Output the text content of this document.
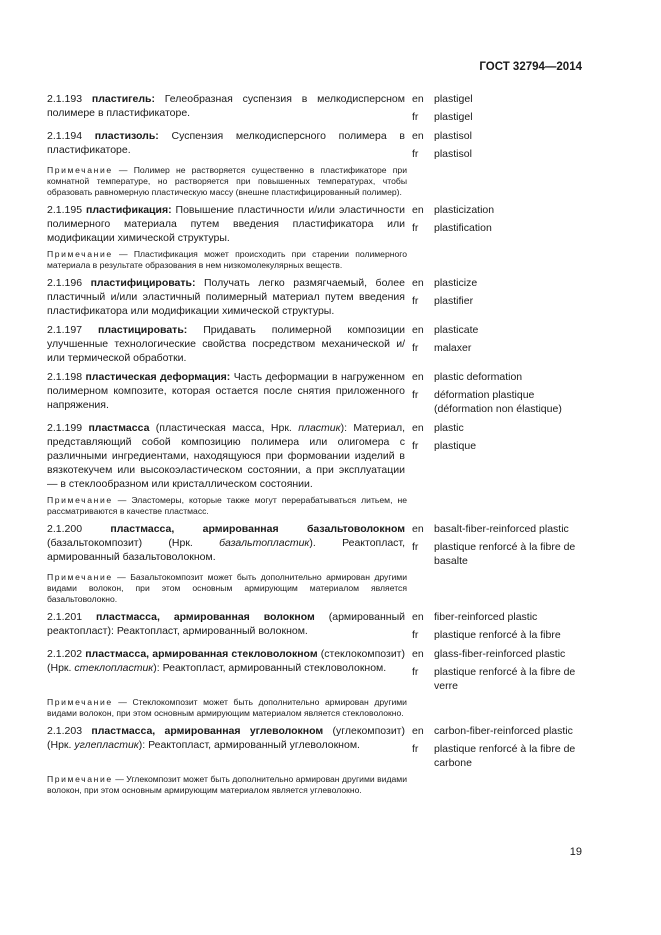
ГОСТ 32794—2014
2.1.193 пластигель: Гелеобразная суспензия в мелкодисперсном полимере в пластификаторе.
en
fr
plastigel
plastigel
2.1.194 пластизоль: Суспензия мелкодисперсного полимера в пластификаторе.
en
fr
plastisol
plastisol
Примечание — Полимер не растворяется существенно в пластификаторе при комнатной температуре, но растворяется при повышенных температурах, чтобы образовать равномерную пластическую массу (внешне пластифицированный полимер).
2.1.195 пластификация: Повышение пластичности и/или эластичности полимерного материала путем введения пластификатора или модификации химической структуры.
en
fr
plasticization
plastification
Примечание — Пластификация может происходить при старении полимерного материала в результате образования в нем низкомолекулярных веществ.
2.1.196 пластифицировать: Получать легко размягчаемый, более пластичный и/или эластичный полимерный материал путем введения пластификатора или модификации химической структуры.
en
fr
plasticize
plastifier
2.1.197 пластицировать: Придавать полимерной композиции улучшенные технологические свойства посредством механической и/или термической обработки.
en
fr
plasticate
malaxer
2.1.198 пластическая деформация: Часть деформации в нагруженном полимерном композите, которая остается после снятия приложенного напряжения.
en
fr
plastic deformation
déformation plastique (déformation non élastique)
2.1.199 пластмасса (пластическая масса, Нрк. пластик): Материал, представляющий собой композицию полимера или олигомера с различными ингредиентами, находящуюся при формовании изделий в вязкотекучем или высокоэластическом состоянии, а при эксплуатации — в стеклообразном или кристаллическом состоянии.
en
fr
plastic
plastique
Примечание — Эластомеры, которые также могут перерабатываться литьем, не рассматриваются в качестве пластмасс.
2.1.200	пластмасса, армированная базальтоволокном (базальтокомпозит) (Нрк. базальтопластик). Реактопласт, армированный базальтоволокном.
en
fr
basalt-fiber-reinforced plastic
plastique renforcé à la fibre de basalte
Примечание — Базальтокомпозит может быть дополнительно армирован другими видами волокон, при этом основным армирующим материалом является базальтоволокно.
2.1.201 пластмасса, армированная волокном (армированный реактопласт): Реактопласт, армированный волокном.
en
fr
fiber-reinforced plastic
plastique renforcé à la fibre
2.1.202 пластмасса, армированная стекловолокном (стеклокомпозит) (Нрк. стеклопластик): Реактопласт, армированный стекловолокном.
en
fr
glass-fiber-reinforced plastic
plastique renforcé à la fibre de verre
Примечание — Стеклокомпозит может быть дополнительно армирован другими видами волокон, при этом основным армирующим материалом является стекловолокно.
2.1.203 пластмасса, армированная углеволокном (углекомпозит) (Нрк. углепластик): Реактопласт, армированный углеволокном.
en
fr
carbon-fiber-reinforced plastic
plastique renforcé à la fibre de carbone
Примечание — Углекомпозит может быть дополнительно армирован другими видами волокон, при этом основным армирующим материалом является углеволокно.
19
